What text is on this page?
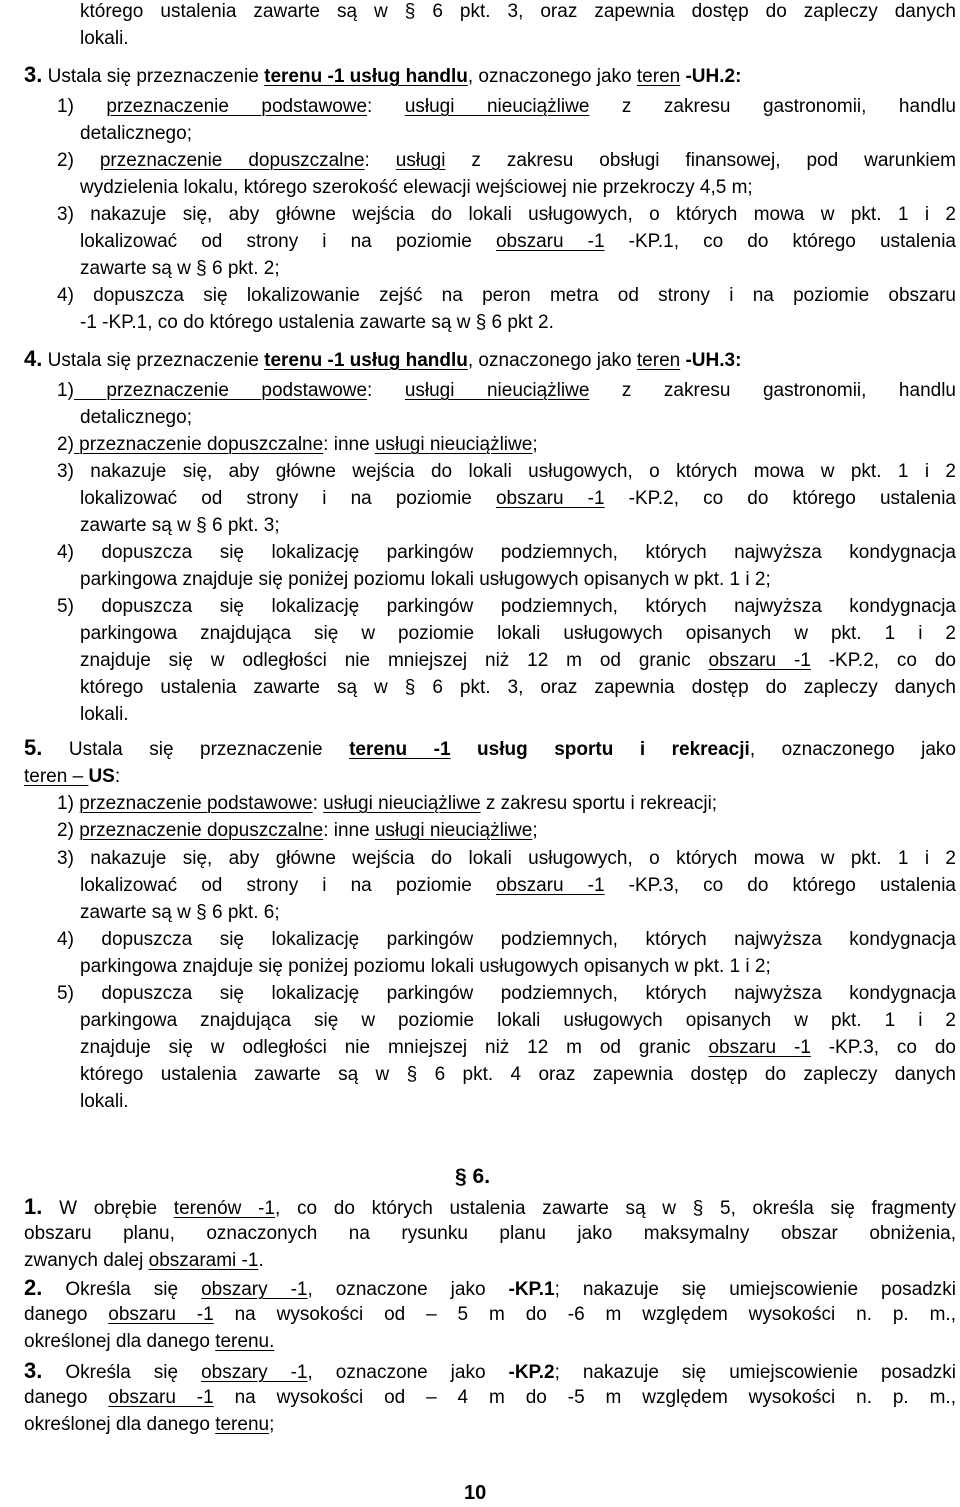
którego ustalenia zawarte są w § 6 pkt. 3, oraz zapewnia dostęp do zapleczy danych
lokali.
3. Ustala się przeznaczenie terenu -1 usług handlu, oznaczonego jako teren -UH.2:
1) przeznaczenie podstawowe: usługi nieuciążliwe z zakresu gastronomii, handlu
detalicznego;
2) przeznaczenie dopuszczalne: usługi z zakresu obsługi finansowej, pod warunkiem
wydzielenia lokalu, którego szerokość elewacji wejściowej nie przekroczy 4,5 m;
3) nakazuje się, aby główne wejścia do lokali usługowych, o których mowa w pkt. 1 i 2
lokalizować od strony i na poziomie obszaru -1 -KP.1, co do którego ustalenia
zawarte są w § 6 pkt. 2;
4) dopuszcza się lokalizowanie zejść na peron metra od strony i na poziomie obszaru
-1 -KP.1, co do którego ustalenia zawarte są w § 6 pkt 2.
4. Ustala się przeznaczenie terenu -1 usług handlu, oznaczonego jako teren -UH.3:
1) przeznaczenie podstawowe: usługi nieuciążliwe z zakresu gastronomii, handlu
detalicznego;
2) przeznaczenie dopuszczalne: inne usługi nieuciążliwe;
3) nakazuje się, aby główne wejścia do lokali usługowych, o których mowa w pkt. 1 i 2
lokalizować od strony i na poziomie obszaru -1 -KP.2, co do którego ustalenia
zawarte są w § 6 pkt. 3;
4) dopuszcza się lokalizację parkingów podziemnych, których najwyższa kondygnacja
parkingowa znajduje się poniżej poziomu lokali usługowych opisanych w pkt. 1 i 2;
5) dopuszcza się lokalizację parkingów podziemnych, których najwyższa kondygnacja
parkingowa znajdująca się w poziomie lokali usługowych opisanych w pkt. 1 i 2
znajduje się w odległości nie mniejszej niż 12 m od granic obszaru -1 -KP.2, co do
którego ustalenia zawarte są w § 6 pkt. 3, oraz zapewnia dostęp do zapleczy danych
lokali.
5. Ustala się przeznaczenie terenu -1 usług sportu i rekreacji, oznaczonego jako
teren – US:
1) przeznaczenie podstawowe: usługi nieuciążliwe z zakresu sportu i rekreacji;
2) przeznaczenie dopuszczalne: inne usługi nieuciążliwe;
3) nakazuje się, aby główne wejścia do lokali usługowych, o których mowa w pkt. 1 i 2
lokalizować od strony i na poziomie obszaru -1 -KP.3, co do którego ustalenia
zawarte są w § 6 pkt. 6;
4) dopuszcza się lokalizację parkingów podziemnych, których najwyższa kondygnacja
parkingowa znajduje się poniżej poziomu lokali usługowych opisanych w pkt. 1 i 2;
5) dopuszcza się lokalizację parkingów podziemnych, których najwyższa kondygnacja
parkingowa znajdująca się w poziomie lokali usługowych opisanych w pkt. 1 i 2
znajduje się w odległości nie mniejszej niż 12 m od granic obszaru -1 -KP.3, co do
którego ustalenia zawarte są w § 6 pkt. 4 oraz zapewnia dostęp do zapleczy danych
lokali.
§ 6.
1. W obrębie terenów -1, co do których ustalenia zawarte są w § 5, określa się fragmenty
obszaru planu, oznaczonych na rysunku planu jako maksymalny obszar obniżenia,
zwanych dalej obszarami -1.
2. Określa się obszary -1, oznaczone jako -KP.1; nakazuje się umiejscowienie posadzki
danego obszaru -1 na wysokości od – 5 m do -6 m względem wysokości n. p. m.,
określonej dla danego terenu.
3. Określa się obszary -1, oznaczone jako -KP.2; nakazuje się umiejscowienie posadzki
danego obszaru -1 na wysokości od – 4 m do -5 m względem wysokości n. p. m.,
określonej dla danego terenu;
10
